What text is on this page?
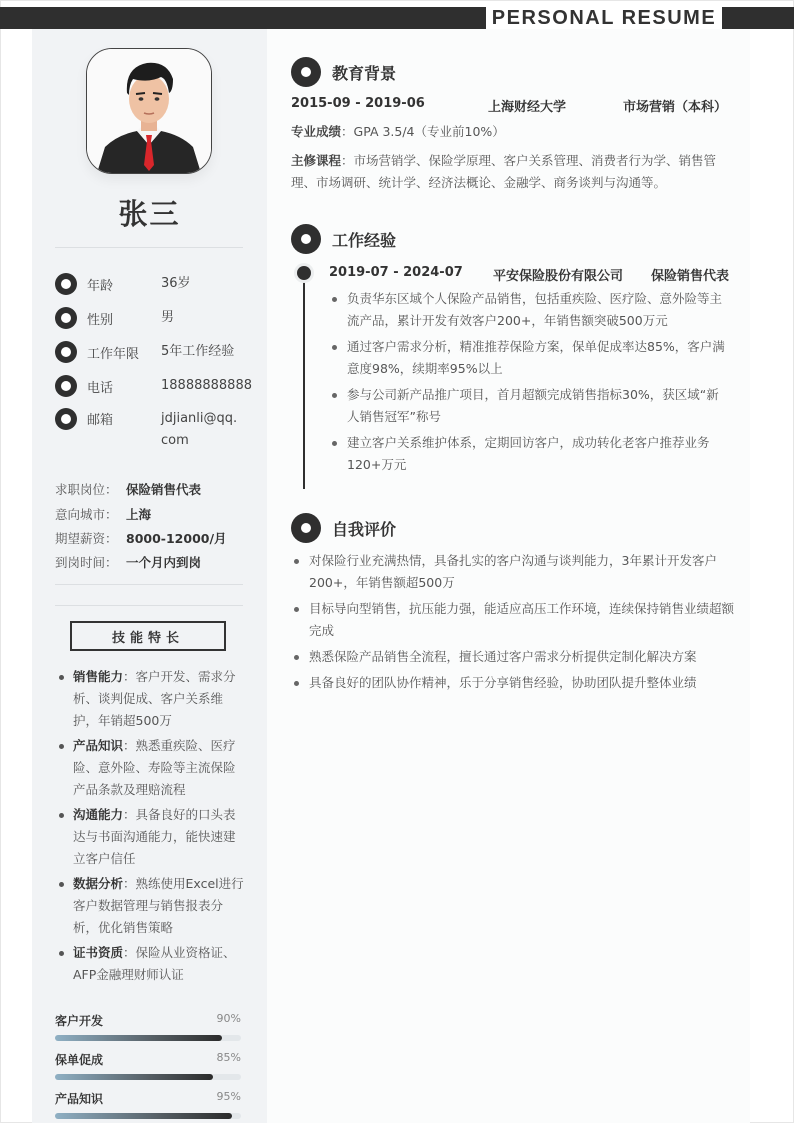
PERSONAL RESUME
张三
年龄	36岁
性别	男
工作年限	5年工作经验
电话	18888888888
邮箱	jdjianli@qq.com
求职岗位： 保险销售代表
意向城市： 上海
期望薪资： 8000-12000/月
到岗时间： 一个月内到岗
技能特长
销售能力：客户开发、需求分析、谈判促成、客户关系维护，年销超500万
产品知识：熟悉重疾险、医疗险、意外险、寿险等主流保险产品条款及理赔流程
沟通能力：具备良好的口头表达与书面沟通能力，能快速建立客户信任
数据分析：熟练使用Excel进行客户数据管理与销售报表分析，优化销售策略
证书资质：保险从业资格证、AFP金融理财师认证
客户开发	90%
保单促成	85%
产品知识	95%
教育背景
2015-09 - 2019-06	上海财经大学	市场营销（本科）
专业成绩：GPA 3.5/4（专业前10%）
主修课程：市场营销学、保险学原理、客户关系管理、消费者行为学、销售管理、市场调研、统计学、经济法概论、金融学、商务谈判与沟通等。
工作经验
2019-07 - 2024-07 平安保险股份有限公司 保险销售代表
负责华东区域个人保险产品销售，包括重疾险、医疗险、意外险等主流产品，累计开发有效客户200+，年销售额突破500万元
通过客户需求分析，精准推荐保险方案，保单促成率达85%，客户满意度98%，续期率95%以上
参与公司新产品推广项目，首月超额完成销售指标30%，获区域“新人销售冠军”称号
建立客户关系维护体系，定期回访客户，成功转化老客户推荐业务120+万元
自我评价
对保险行业充满热情，具备扎实的客户沟通与谈判能力，3年累计开发客户200+，年销售额超500万
目标导向型销售，抗压能力强，能适应高压工作环境，连续保持销售业绩超额完成
熟悉保险产品销售全流程，擅长通过客户需求分析提供定制化解决方案
具备良好的团队协作精神，乐于分享销售经验，协助团队提升整体业绩
